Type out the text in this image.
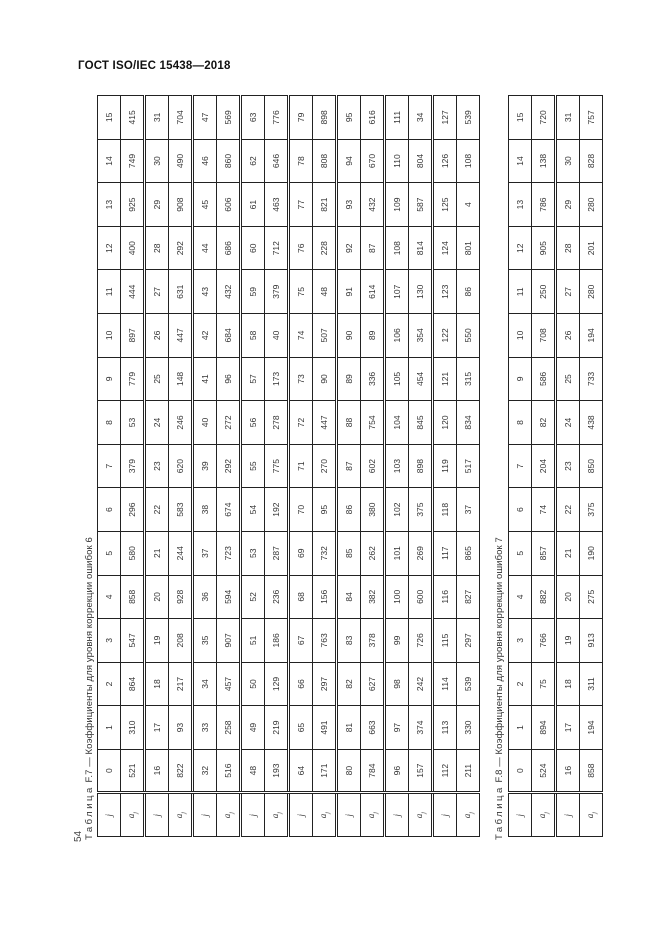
ГОСТ ISO/IEC 15438—2018
Таблица F.7 — Коэффициенты для уровня коррекции ошибок 6
j	0	1	2	3	4	5	6	7	8	9	10	11	12	13	14	15
$a_j$	521	310	864	547	858	580	296	379	53	779	897	444	400	925	749	415
j	16	17	18	19	20	21	22	23	24	25	26	27	28	29	30	31
$a_j$	822	93	217	208	928	244	583	620	246	148	447	631	292	908	490	704
j	32	33	34	35	36	37	38	39	40	41	42	43	44	45	46	47
$a_j$	516	258	457	907	594	723	674	292	272	96	684	432	686	606	860	569
j	48	49	50	51	52	53	54	55	56	57	58	59	60	61	62	63
$a_j$	193	219	129	186	236	287	192	775	278	173	40	379	712	463	646	776
j	64	65	66	67	68	69	70	71	72	73	74	75	76	77	78	79
$a_j$	171	491	297	763	156	732	95	270	447	90	507	48	228	821	808	898
j	80	81	82	83	84	85	86	87	88	89	90	91	92	93	94	95
$a_j$	784	663	627	378	382	262	380	602	754	336	89	614	87	432	670	616
j	96	97	98	99	100	101	102	103	104	105	106	107	108	109	110	111
$a_j$	157	374	242	726	600	269	375	898	845	454	354	130	814	587	804	34
j	112	113	114	115	116	117	118	119	120	121	122	123	124	125	126	127
$a_j$	211	330	539	297	827	865	37	517	834	315	550	86	801	4	108	539
Таблица F.8 — Коэффициенты для уровня коррекции ошибок 7
j	0	1	2	3	4	5	6	7	8	9	10	11	12	13	14	15
$a_j$	524	894	75	766	882	857	74	204	82	586	708	250	905	786	138	720
j	16	17	18	19	20	21	22	23	24	25	26	27	28	29	30	31
$a_j$	858	194	311	913	275	190	375	850	438	733	194	280	201	280	828	757
54
